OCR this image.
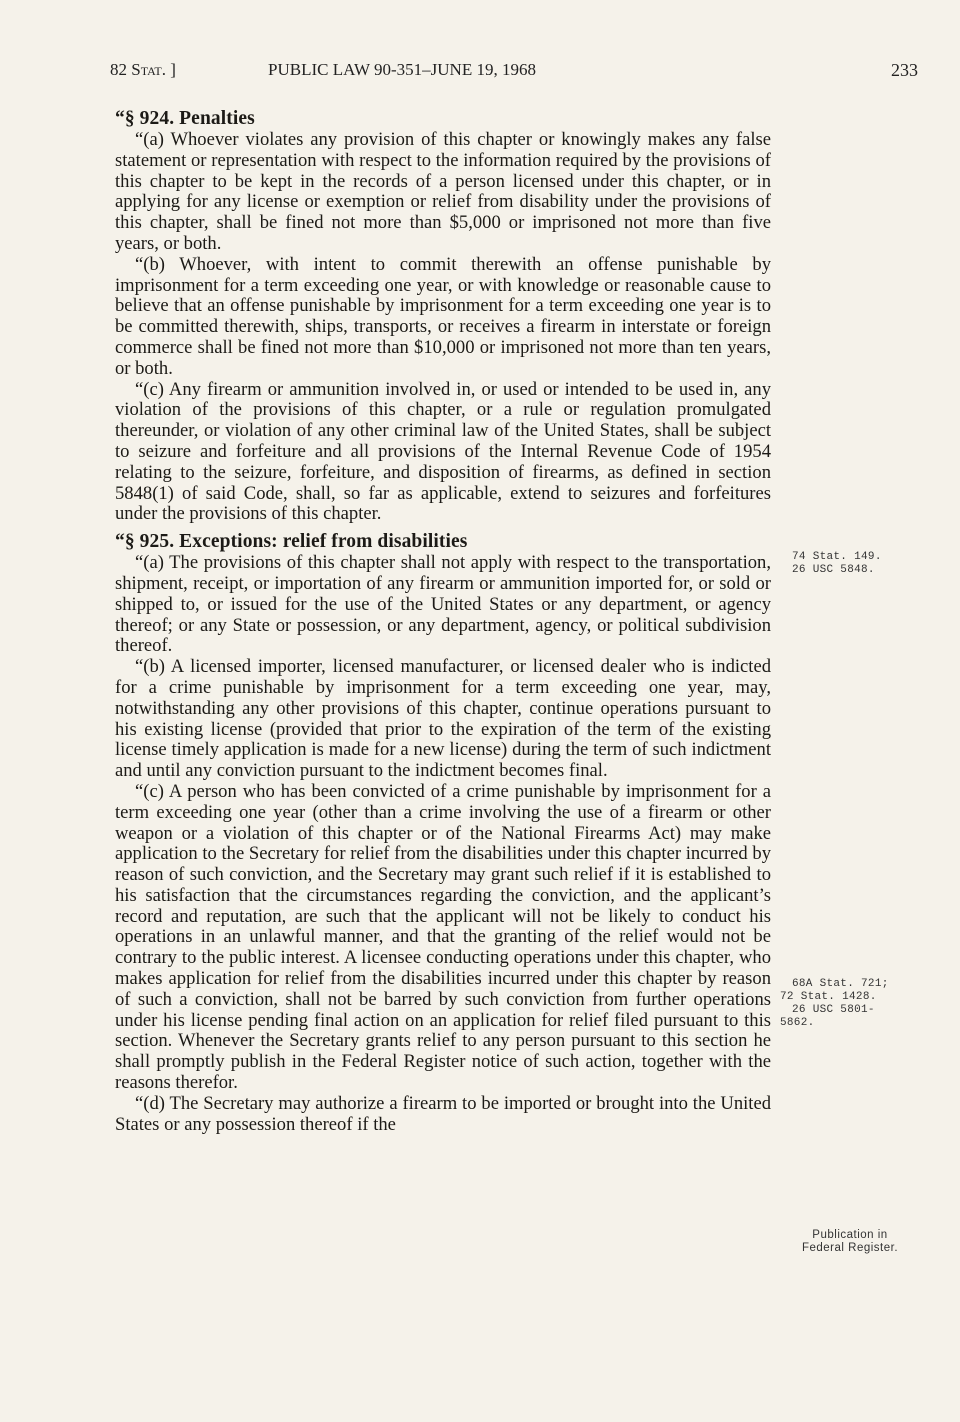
82 Stat. ]	PUBLIC LAW 90-351–JUNE 19, 1968	233
“§ 924. Penalties

“(a) Whoever violates any provision of this chapter or knowingly makes any false statement or representation with respect to the information required by the provisions of this chapter to be kept in the records of a person licensed under this chapter, or in applying for any license or exemption or relief from disability under the provisions of this chapter, shall be fined not more than $5,000 or imprisoned not more than five years, or both.

“(b) Whoever, with intent to commit therewith an offense punishable by imprisonment for a term exceeding one year, or with knowledge or reasonable cause to believe that an offense punishable by imprisonment for a term exceeding one year is to be committed therewith, ships, transports, or receives a firearm in interstate or foreign commerce shall be fined not more than $10,000 or imprisoned not more than ten years, or both.

“(c) Any firearm or ammunition involved in, or used or intended to be used in, any violation of the provisions of this chapter, or a rule or regulation promulgated thereunder, or violation of any other criminal law of the United States, shall be subject to seizure and forfeiture and all provisions of the Internal Revenue Code of 1954 relating to the seizure, forfeiture, and disposition of firearms, as defined in section 5848(1) of said Code, shall, so far as applicable, extend to seizures and forfeitures under the provisions of this chapter.

“§ 925. Exceptions: relief from disabilities

“(a) The provisions of this chapter shall not apply with respect to the transportation, shipment, receipt, or importation of any firearm or ammunition imported for, or sold or shipped to, or issued for the use of the United States or any department, or agency thereof; or any State or possession, or any department, agency, or political subdivision thereof.

“(b) A licensed importer, licensed manufacturer, or licensed dealer who is indicted for a crime punishable by imprisonment for a term exceeding one year, may, notwithstanding any other provisions of this chapter, continue operations pursuant to his existing license (provided that prior to the expiration of the term of the existing license timely application is made for a new license) during the term of such indictment and until any conviction pursuant to the indictment becomes final.

“(c) A person who has been convicted of a crime punishable by imprisonment for a term exceeding one year (other than a crime involving the use of a firearm or other weapon or a violation of this chapter or of the National Firearms Act) may make application to the Secretary for relief from the disabilities under this chapter incurred by reason of such conviction, and the Secretary may grant such relief if it is established to his satisfaction that the circumstances regarding the conviction, and the applicant’s record and reputation, are such that the applicant will not be likely to conduct his operations in an unlawful manner, and that the granting of the relief would not be contrary to the public interest. A licensee conducting operations under this chapter, who makes application for relief from the disabilities incurred under this chapter by reason of such a conviction, shall not be barred by such conviction from further operations under his license pending final action on an application for relief filed pursuant to this section. Whenever the Secretary grants relief to any person pursuant to this section he shall promptly publish in the Federal Register notice of such action, together with the reasons therefor.

“(d) The Secretary may authorize a firearm to be imported or brought into the United States or any possession thereof if the

74 Stat. 149.
26 USC 5848.
68A Stat. 721;
72 Stat. 1428.
26 USC 5801-
5862.
Publication in
Federal Register.
